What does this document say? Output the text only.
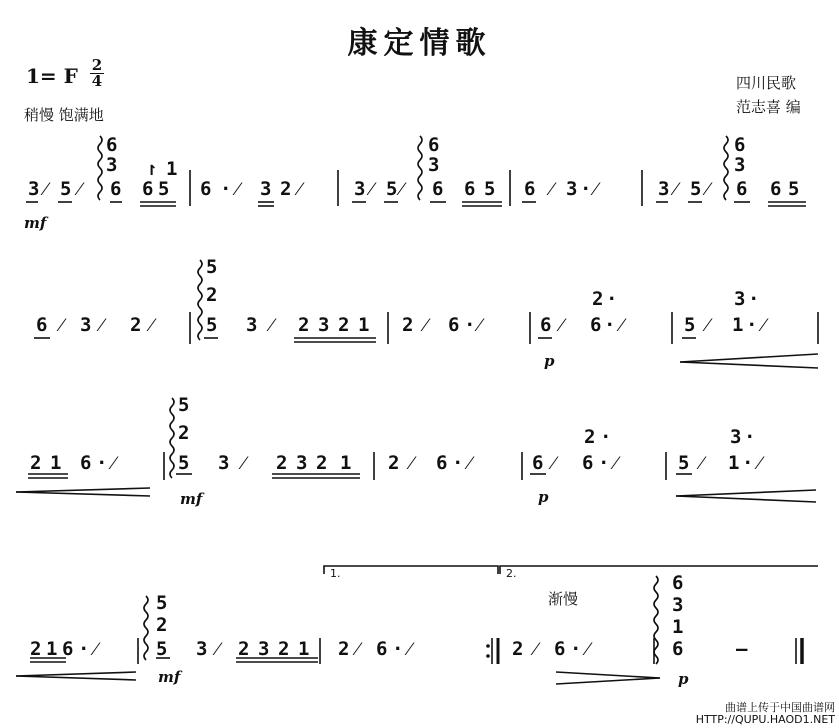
康定情歌
1= F 2
4
稍慢 饱满地
四川民歌
范志喜 编
3 ⁄ 5 ⁄
6
3
6 6 5
↾ 1
6 · ⁄ 3 2 ⁄	3 ⁄ 5 ⁄
6
3
6 6 5 6 ⁄ 3 · ⁄	3 ⁄ 5 ⁄
6
3
6 6 5
6 ⁄ 3 ⁄ 2 ⁄
5
2
5 3 ⁄ 2 3 2 1 2 ⁄ 6 · ⁄	6 ⁄ 6 · ⁄
2 ·
5 ⁄ 1 · ⁄
3 ·
2 1 6 · ⁄
5
2
5 3 ⁄ 2 3 2 1 2 ⁄ 6 · ⁄	6 ⁄ 6 · ⁄
2 ·
5 ⁄ 1 · ⁄
3 ·
2 1 6 · ⁄
5
2
5 3 ⁄ 2 3 2 1 2 ⁄ 6 · ⁄	2 ⁄ 6 · ⁄
6
3
1
6	–
1.	2.
渐慢
mf
p
mf	p
mf	p
曲谱上传于中国曲谱网
HTTP://QUPU.HAOD1.NET
